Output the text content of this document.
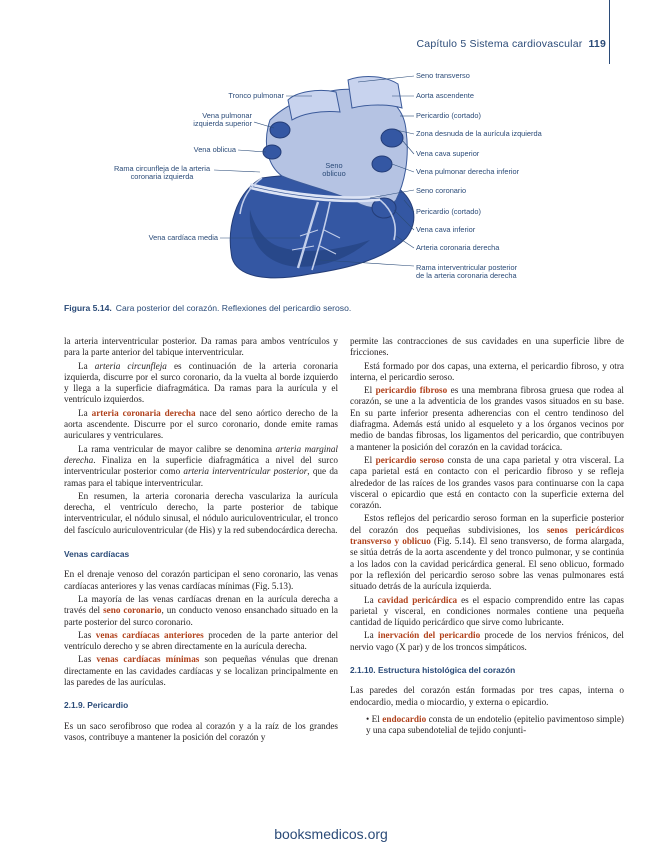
Capítulo 5 Sistema cardiovascular 119
Tronco pulmonar
Vena pulmonar
izquierda superior
Vena oblicua
Rama circunfleja de la arteria
coronaria izquierda
Vena cardíaca media
Seno
oblicuo
Seno transverso
Aorta ascendente
Pericardio (cortado)
Zona desnuda de la aurícula izquierda
Vena cava superior
Vena pulmonar derecha inferior
Seno coronario
Pericardio (cortado)
Vena cava inferior
Arteria coronaria derecha
Rama interventricular posterior
de la arteria coronaria derecha
Figura 5.14. Cara posterior del corazón. Reflexiones del pericardio seroso.

la arteria interventricular posterior. Da ramas para ambos ventrículos y para la parte anterior del tabique interventricular.

La arteria circunfleja es continuación de la arteria coronaria izquierda, discurre por el surco coronario, da la vuelta al borde izquierdo y llega a la superficie diafragmática. Da ramas para la aurícula y el ventrículo izquierdos.

La arteria coronaria derecha nace del seno aórtico derecho de la aorta ascendente. Discurre por el surco coronario, donde emite ramas auriculares y ventriculares.

La rama ventricular de mayor calibre se denomina arteria marginal derecha. Finaliza en la superficie diafragmática a nivel del surco interventricular posterior como arteria interventricular posterior, que da ramas para el tabique interventricular.

En resumen, la arteria coronaria derecha vasculariza la aurícula derecha, el ventrículo derecho, la parte posterior de tabique interventricular, el nódulo sinusal, el nódulo auriculoventricular, el tronco del fascículo auriculoventricular (de His) y la red subendocárdica derecha.

Venas cardíacas

En el drenaje venoso del corazón participan el seno coronario, las venas cardíacas anteriores y las venas cardíacas mínimas (Fig. 5.13).

La mayoría de las venas cardíacas drenan en la aurícula derecha a través del seno coronario, un conducto venoso ensanchado situado en la parte posterior del surco coronario.

Las venas cardíacas anteriores proceden de la parte anterior del ventrículo derecho y se abren directamente en la aurícula derecha.

Las venas cardíacas mínimas son pequeñas vénulas que drenan directamente en las cavidades cardíacas y se localizan principalmente en las paredes de las aurículas.

2.1.9. Pericardio

Es un saco serofibroso que rodea al corazón y a la raíz de los grandes vasos, contribuye a mantener la posición del corazón y

permite las contracciones de sus cavidades en una superficie libre de fricciones.

Está formado por dos capas, una externa, el pericardio fibroso, y otra interna, el pericardio seroso.

El pericardio fibroso es una membrana fibrosa gruesa que rodea al corazón, se une a la adventicia de los grandes vasos situados en su base. En su parte inferior presenta adherencias con el centro tendinoso del diafragma. Además está unido al esqueleto y a los órganos vecinos por medio de bandas fibrosas, los ligamentos del pericardio, que contribuyen a mantener la posición del corazón en la cavidad torácica.

El pericardio seroso consta de una capa parietal y otra visceral. La capa parietal está en contacto con el pericardio fibroso y se refleja alrededor de las raíces de los grandes vasos para continuarse con la capa visceral o epicardio que está en contacto con la superficie externa del corazón.

Estos reflejos del pericardio seroso forman en la superficie posterior del corazón dos pequeñas subdivisiones, los senos pericárdicos transverso y oblicuo (Fig. 5.14). El seno transverso, de forma alargada, se sitúa detrás de la aorta ascendente y del tronco pulmonar, y se continúa a los lados con la cavidad pericárdica general. El seno oblicuo, formado por la reflexión del pericardio seroso sobre las venas pulmonares está situado detrás de la aurícula izquierda.

La cavidad pericárdica es el espacio comprendido entre las capas parietal y visceral, en condiciones normales contiene una pequeña cantidad de líquido pericárdico que sirve como lubricante.

La inervación del pericardio procede de los nervios frénicos, del nervio vago (X par) y de los troncos simpáticos.

2.1.10. Estructura histológica del corazón

Las paredes del corazón están formadas por tres capas, interna o endocardio, media o miocardio, y externa o epicardio.

• El endocardio consta de un endotelio (epitelio pavimentoso simple) y una capa subendotelial de tejido conjunti-

booksmedicos.org
